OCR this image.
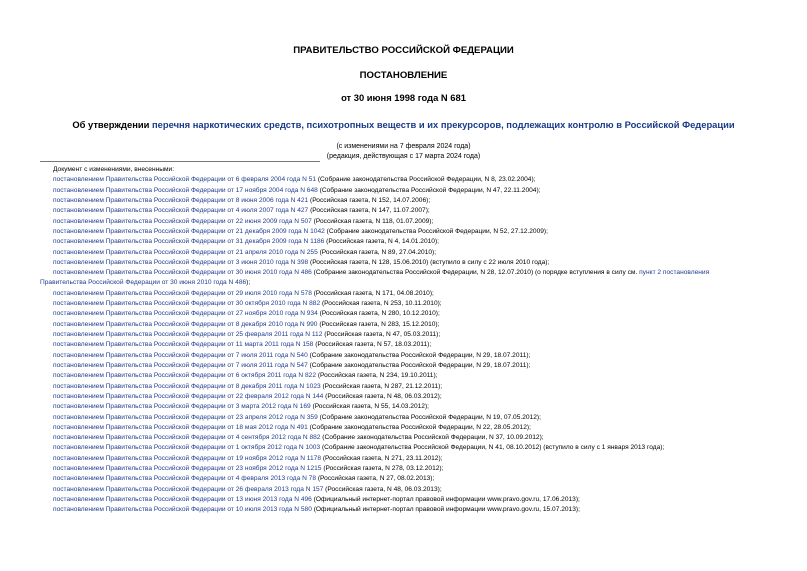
ПРАВИТЕЛЬСТВО РОССИЙСКОЙ ФЕДЕРАЦИИ
ПОСТАНОВЛЕНИЕ
от 30 июня 1998 года N 681
Об утверждении перечня наркотических средств, психотропных веществ и их прекурсоров, подлежащих контролю в Российской Федерации
(с изменениями на 7 февраля 2024 года)
(редакция, действующая с 17 марта 2024 года)
Документ с изменениями, внесенными:
постановлением Правительства Российской Федерации от 6 февраля 2004 года N 51 (Собрание законодательства Российской Федерации, N 8, 23.02.2004);
постановлением Правительства Российской Федерации от 17 ноября 2004 года N 648 (Собрание законодательства Российской Федерации, N 47, 22.11.2004);
постановлением Правительства Российской Федерации от 8 июня 2006 года N 421 (Российская газета, N 152, 14.07.2006);
постановлением Правительства Российской Федерации от 4 июля 2007 года N 427 (Российская газета, N 147, 11.07.2007);
постановлением Правительства Российской Федерации от 22 июня 2009 года N 507 (Российская газета, N 118, 01.07.2009);
постановлением Правительства Российской Федерации от 21 декабря 2009 года N 1042 (Собрание законодательства Российской Федерации, N 52, 27.12.2009);
постановлением Правительства Российской Федерации от 31 декабря 2009 года N 1186 (Российская газета, N 4, 14.01.2010);
постановлением Правительства Российской Федерации от 21 апреля 2010 года N 255 (Российская газета, N 89, 27.04.2010);
постановлением Правительства Российской Федерации от 3 июня 2010 года N 398 (Российская газета, N 128, 15.06.2010) (вступило в силу с 22 июля 2010 года);
постановлением Правительства Российской Федерации от 30 июня 2010 года N 486 (Собрание законодательства Российской Федерации, N 28, 12.07.2010) (о порядке вступления в силу см. пункт 2 постановления
Правительства Российской Федерации от 30 июня 2010 года N 486);
постановлением Правительства Российской Федерации от 29 июля 2010 года N 578 (Российская газета, N 171, 04.08.2010);
постановлением Правительства Российской Федерации от 30 октября 2010 года N 882 (Российская газета, N 253, 10.11.2010);
постановлением Правительства Российской Федерации от 27 ноября 2010 года N 934 (Российская газета, N 280, 10.12.2010);
постановлением Правительства Российской Федерации от 8 декабря 2010 года N 990 (Российская газета, N 283, 15.12.2010);
постановлением Правительства Российской Федерации от 25 февраля 2011 года N 112 (Российская газета, N 47, 05.03.2011);
постановлением Правительства Российской Федерации от 11 марта 2011 года N 158 (Российская газета, N 57, 18.03.2011);
постановлением Правительства Российской Федерации от 7 июля 2011 года N 540 (Собрание законодательства Российской Федерации, N 29, 18.07.2011);
постановлением Правительства Российской Федерации от 7 июля 2011 года N 547 (Собрание законодательства Российской Федерации, N 29, 18.07.2011);
постановлением Правительства Российской Федерации от 6 октября 2011 года N 822 (Российская газета, N 234, 19.10.2011);
постановлением Правительства Российской Федерации от 8 декабря 2011 года N 1023 (Российская газета, N 287, 21.12.2011);
постановлением Правительства Российской Федерации от 22 февраля 2012 года N 144 (Российская газета, N 48, 06.03.2012);
постановлением Правительства Российской Федерации от 3 марта 2012 года N 169 (Российская газета, N 55, 14.03.2012);
постановлением Правительства Российской Федерации от 23 апреля 2012 года N 359 (Собрание законодательства Российской Федерации, N 19, 07.05.2012);
постановлением Правительства Российской Федерации от 18 мая 2012 года N 491 (Собрание законодательства Российской Федерации, N 22, 28.05.2012);
постановлением Правительства Российской Федерации от 4 сентября 2012 года N 882 (Собрание законодательства Российской Федерации, N 37, 10.09.2012);
постановлением Правительства Российской Федерации от 1 октября 2012 года N 1003 (Собрание законодательства Российской Федерации, N 41, 08.10.2012) (вступило в силу с 1 января 2013 года);
постановлением Правительства Российской Федерации от 19 ноября 2012 года N 1178 (Российская газета, N 271, 23.11.2012);
постановлением Правительства Российской Федерации от 23 ноября 2012 года N 1215 (Российская газета, N 278, 03.12.2012);
постановлением Правительства Российской Федерации от 4 февраля 2013 года N 78 (Российская газета, N 27, 08.02.2013);
постановлением Правительства Российской Федерации от 26 февраля 2013 года N 157 (Российская газета, N 48, 06.03.2013);
постановлением Правительства Российской Федерации от 13 июня 2013 года N 496 (Официальный интернет-портал правовой информации www.pravo.gov.ru, 17.06.2013);
постановлением Правительства Российской Федерации от 10 июля 2013 года N 580 (Официальный интернет-портал правовой информации www.pravo.gov.ru, 15.07.2013);
